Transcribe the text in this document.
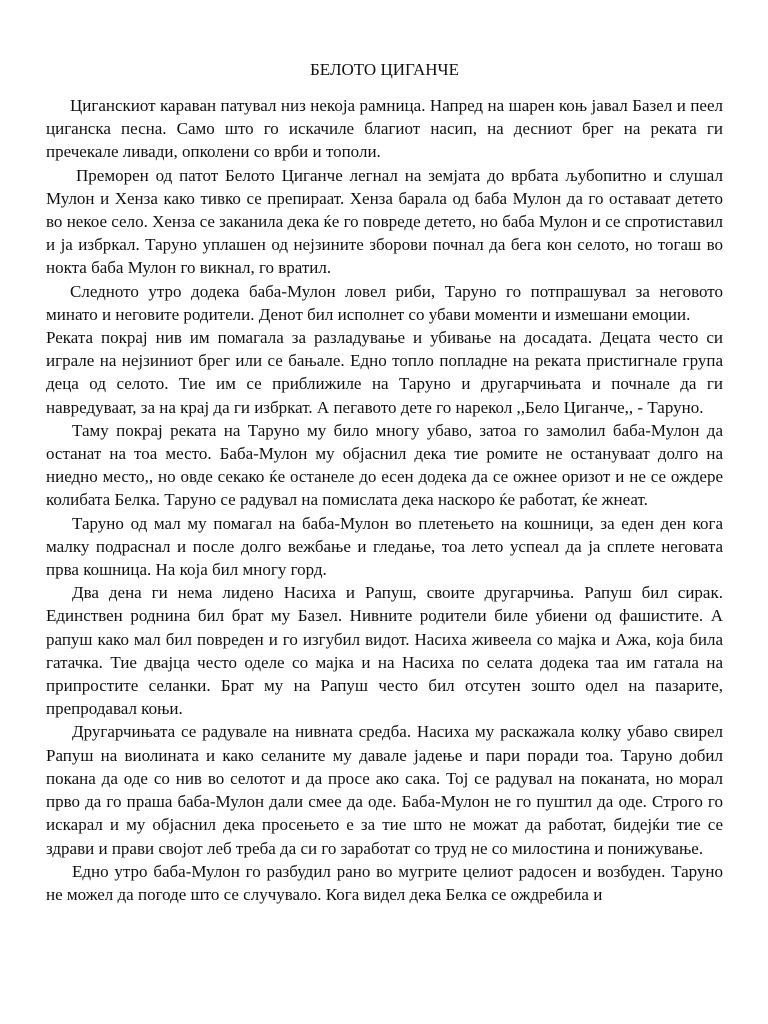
БЕЛОТО ЦИГАНЧЕ

Циганскиот караван патувал низ некоја рамница. Напред на шарен коњ јавал Базел и пеел циганска песна. Само што го искачиле благиот насип, на десниот брег на реката ги пречекале ливади, опколени со врби и тополи.

Преморен од патот Белото Циганче легнал на земјата до врбата љубопитно и слушал Мулон и Хенза како тивко се препираат. Хенза барала од баба Мулон да го оставаат детето во некое село. Хенза се заканила дека ќе го повреде детето, но баба Мулон и се спротиставил и ја избркал. Таруно уплашен од нејзините зборови почнал да бега кон селото, но тогаш во нокта баба Мулон го викнал, го вратил.

Следното утро додека баба-Мулон ловел риби, Таруно го потпрашувал за неговото минато и неговите родители. Денот бил исполнет со убави моменти и измешани емоции.

Реката покрај нив им помагала за разладување и убивање на досадата. Децата често си играле на нејзиниот брег или се бањале. Едно топло попладне на реката пристигнале група деца од селото. Тие им се приближиле на Таруно и другарчињата и почнале да ги навредуваат, за на крај да ги избркат. А пегавото дете го нарекол ,,Бело Циганче,, - Таруно.

Таму покрај реката на Таруно му било многу убаво, затоа го замолил баба-Мулон да останат на тоа место. Баба-Мулон му објаснил дека тие ромите не остануваат долго на ниедно место,, но овде секако ќе останеле до есен додека да се ожнее оризот и не се ождере колибата Белка. Таруно се радувал на помислата дека наскоро ќе работат, ќе жнеат.

Таруно од мал му помагал на баба-Мулон во плетењето на кошници, за еден ден кога малку подраснал и после долго вежбање и гледање, тоа лето успеал да ја сплете неговата прва кошница. На која бил многу горд.

Два дена ги нема лидено Насиха и Рапуш, своите другарчиња. Рапуш бил сирак. Единствен роднина бил брат му Базел. Нивните родители биле убиени од фашистите. А рапуш како мал бил повреден и го изгубил видот. Насиха живеела со мајка и Ажа, која била гатачка. Тие двајца често оделе со мајка и на Насиха по селата додека таа им гатала на припростите селанки. Брат му на Рапуш често бил отсутен зошто одел на пазарите, препродавал коњи.

Другарчињата се радувале на нивната средба. Насиха му раскажала колку убаво свирел Рапуш на виолината и како селаните му давале јадење и пари поради тоа. Таруно добил покана да оде со нив во селотот и да просе ако сака. Тој се радувал на поканата, но морал прво да го праша баба-Мулон дали смее да оде. Баба-Мулон не го пуштил да оде. Строго го искарал и му објаснил дека просењето е за тие што не можат да работат, бидејќи тие се здрави и прави својот леб треба да си го заработат со труд не со милостина и понижување.

Едно утро баба-Мулон го разбудил рано во мугрите целиот радосен и возбуден. Таруно не можел да погоде што се случувало. Кога видел дека Белка се ождребила и
